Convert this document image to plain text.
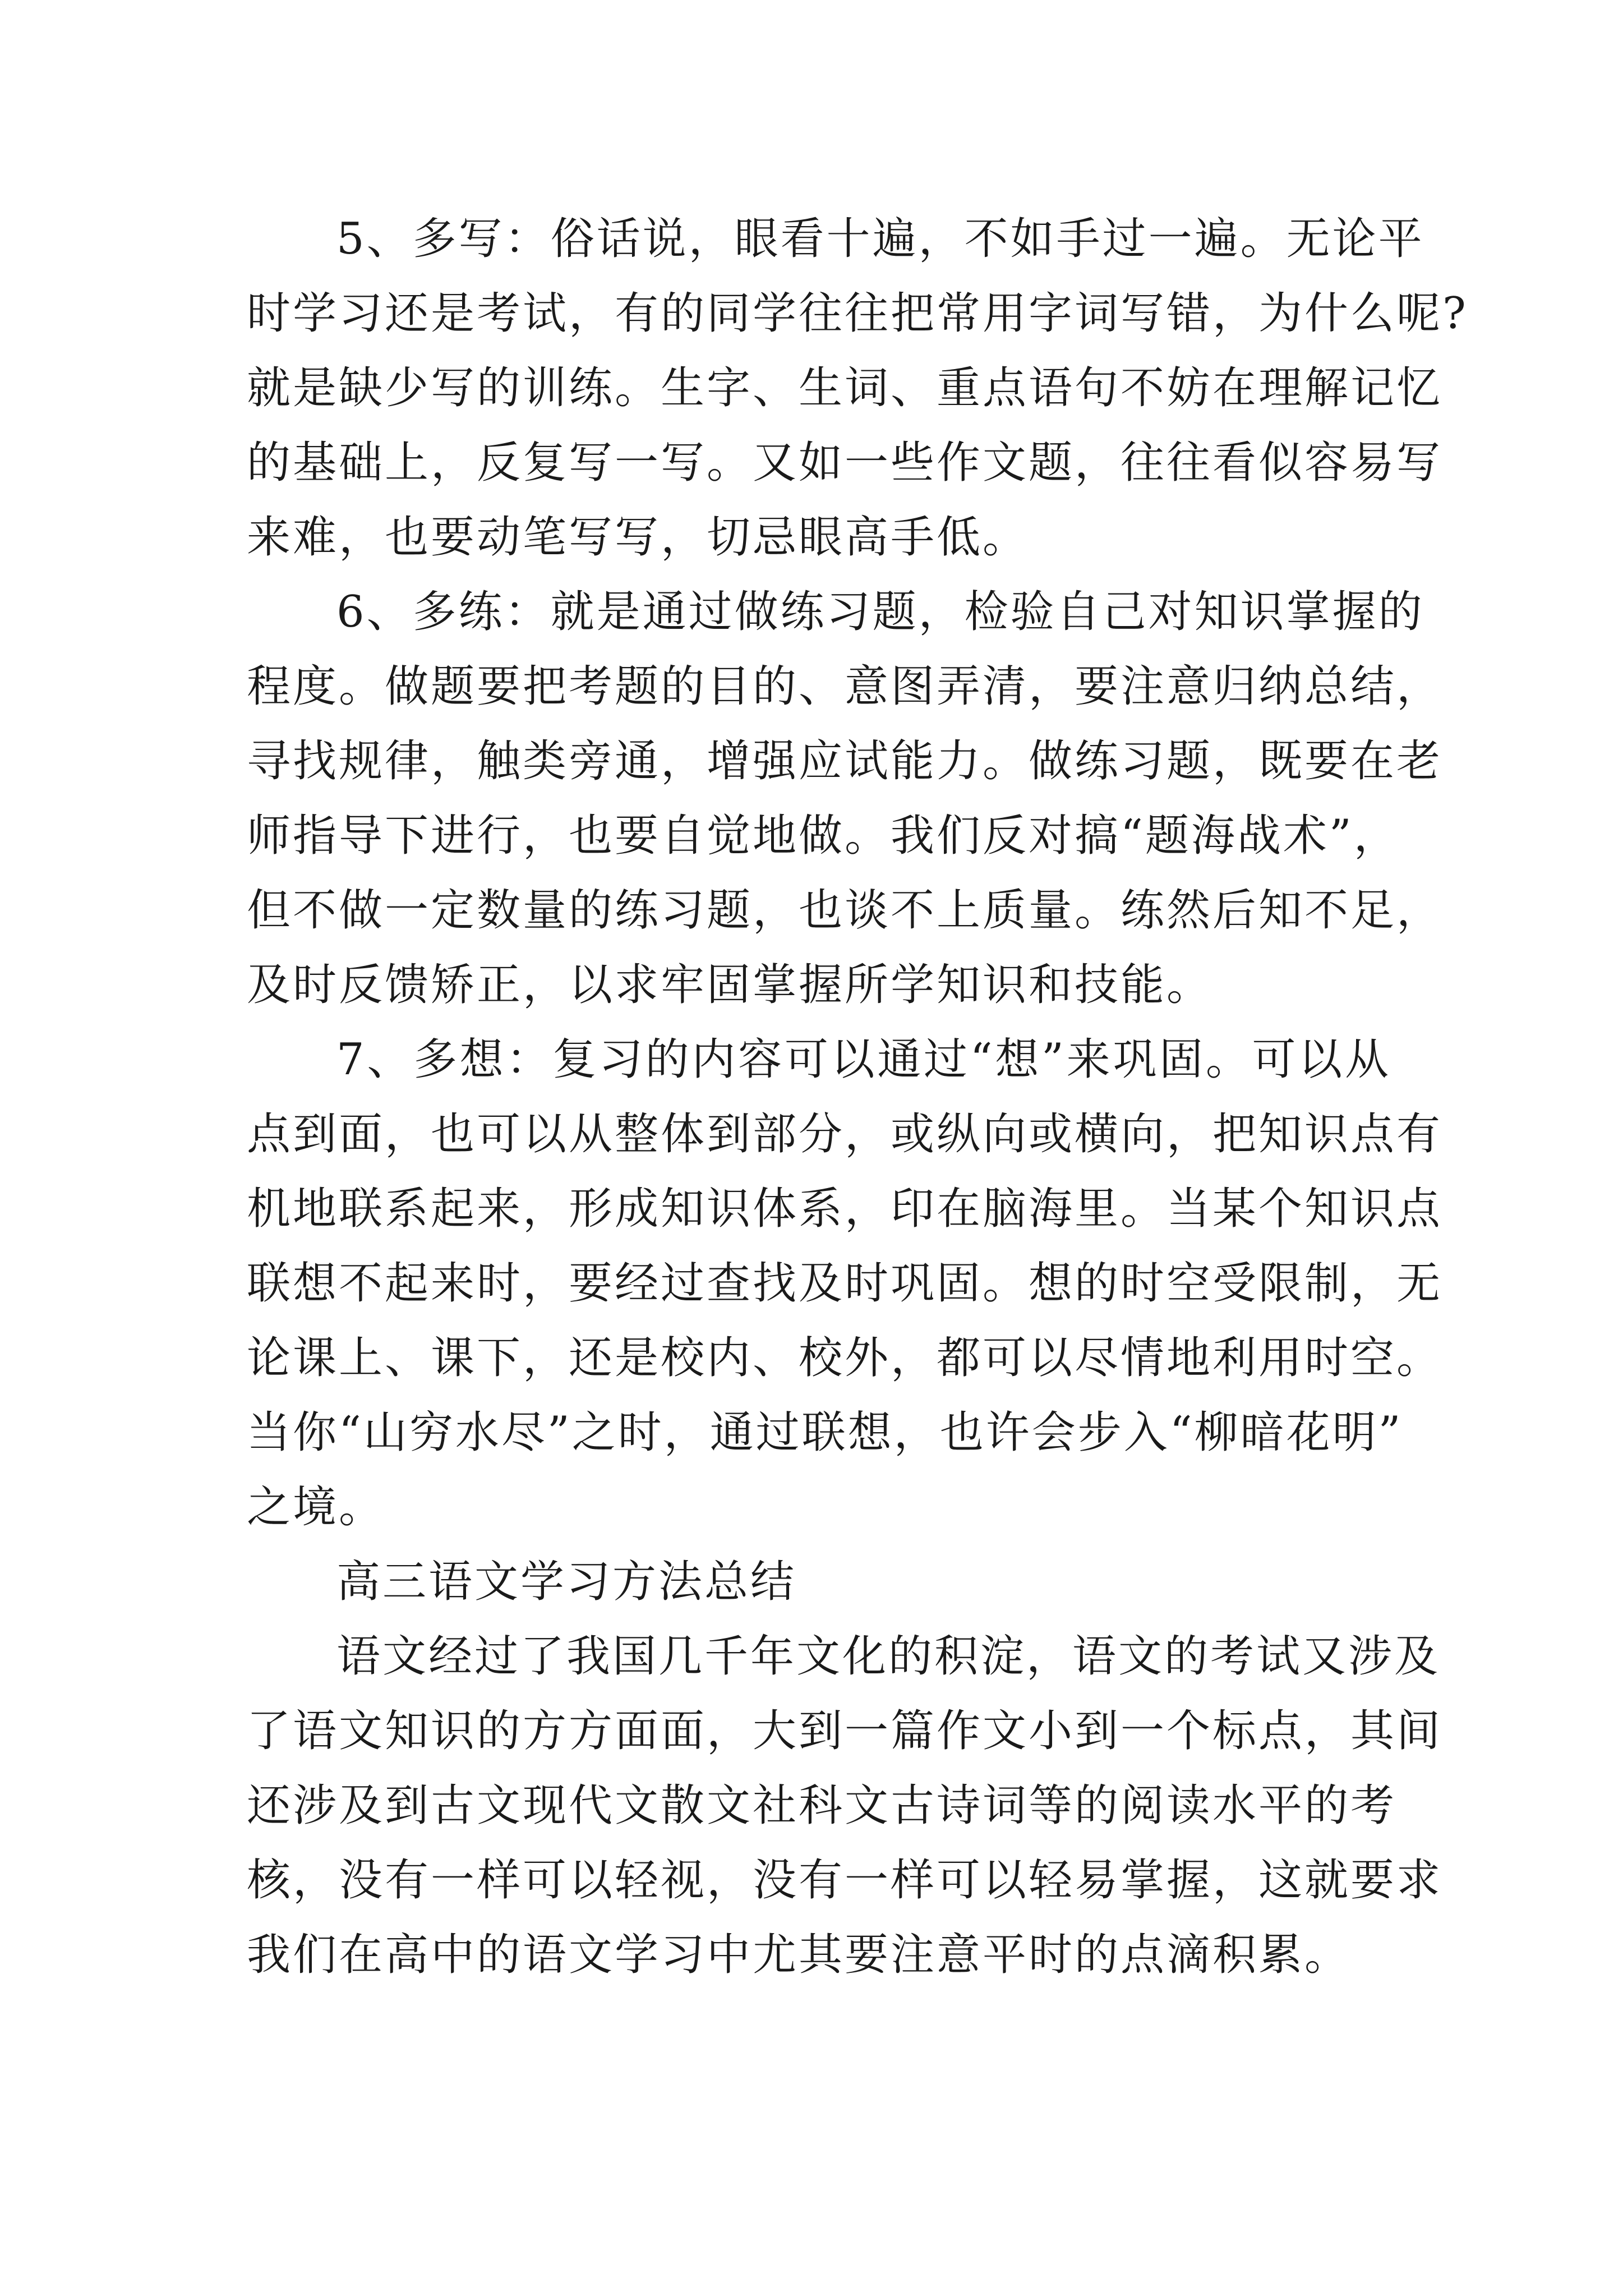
5、多写：俗话说，眼看十遍，不如手过一遍。无论平
时学习还是考试，有的同学往往把常用字词写错，为什么呢?
就是缺少写的训练。生字、生词、重点语句不妨在理解记忆
的基础上，反复写一写。又如一些作文题，往往看似容易写
来难，也要动笔写写，切忌眼高手低。
6、多练：就是通过做练习题，检验自己对知识掌握的
程度。做题要把考题的目的、意图弄清，要注意归纳总结，
寻找规律，触类旁通，增强应试能力。做练习题，既要在老
师指导下进行，也要自觉地做。我们反对搞“题海战术”，
但不做一定数量的练习题，也谈不上质量。练然后知不足，
及时反馈矫正，以求牢固掌握所学知识和技能。
7、多想：复习的内容可以通过“想”来巩固。可以从
点到面，也可以从整体到部分，或纵向或横向，把知识点有
机地联系起来，形成知识体系，印在脑海里。当某个知识点
联想不起来时，要经过查找及时巩固。想的时空受限制，无
论课上、课下，还是校内、校外，都可以尽情地利用时空。
当你“山穷水尽”之时，通过联想，也许会步入“柳暗花明”
之境。
高三语文学习方法总结
语文经过了我国几千年文化的积淀，语文的考试又涉及
了语文知识的方方面面，大到一篇作文小到一个标点，其间
还涉及到古文现代文散文社科文古诗词等的阅读水平的考
核，没有一样可以轻视，没有一样可以轻易掌握，这就要求
我们在高中的语文学习中尤其要注意平时的点滴积累。
